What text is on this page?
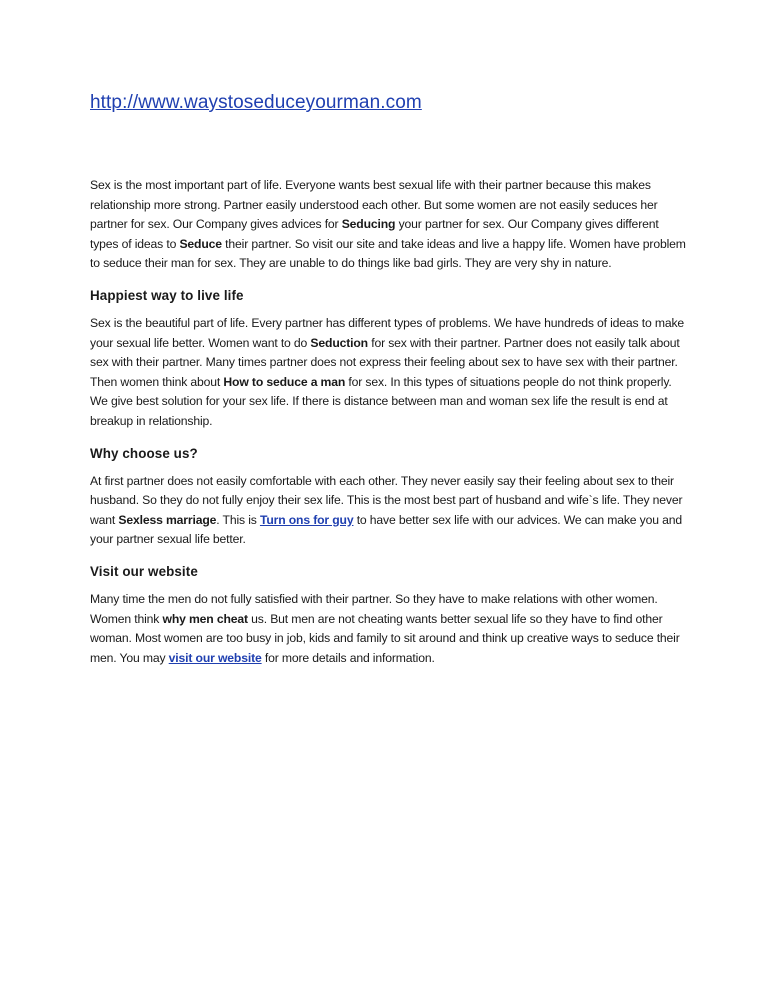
http://www.waystoseduceyourman.com

Sex is the most important part of life. Everyone wants best sexual life with their partner because this makes relationship more strong. Partner easily understood each other. But some women are not easily seduces her partner for sex. Our Company gives advices for Seducing your partner for sex. Our Company gives different types of ideas to Seduce their partner. So visit our site and take ideas and live a happy life. Women have problem to seduce their man for sex. They are unable to do things like bad girls. They are very shy in nature.

Happiest way to live life

Sex is the beautiful part of life. Every partner has different types of problems. We have hundreds of ideas to make your sexual life better. Women want to do Seduction for sex with their partner. Partner does not easily talk about sex with their partner. Many times partner does not express their feeling about sex to have sex with their partner. Then women think about How to seduce a man for sex. In this types of situations people do not think properly. We give best solution for your sex life. If there is distance between man and woman sex life the result is end at breakup in relationship.

Why choose us?

At first partner does not easily comfortable with each other. They never easily say their feeling about sex to their husband. So they do not fully enjoy their sex life. This is the most best part of husband and wife`s life. They never want Sexless marriage. This is Turn ons for guy to have better sex life with our advices. We can make you and your partner sexual life better.

Visit our website

Many time the men do not fully satisfied with their partner. So they have to make relations with other women. Women think why men cheat us. But men are not cheating wants better sexual life so they have to find other woman. Most women are too busy in job, kids and family to sit around and think up creative ways to seduce their men. You may visit our website for more details and information.
